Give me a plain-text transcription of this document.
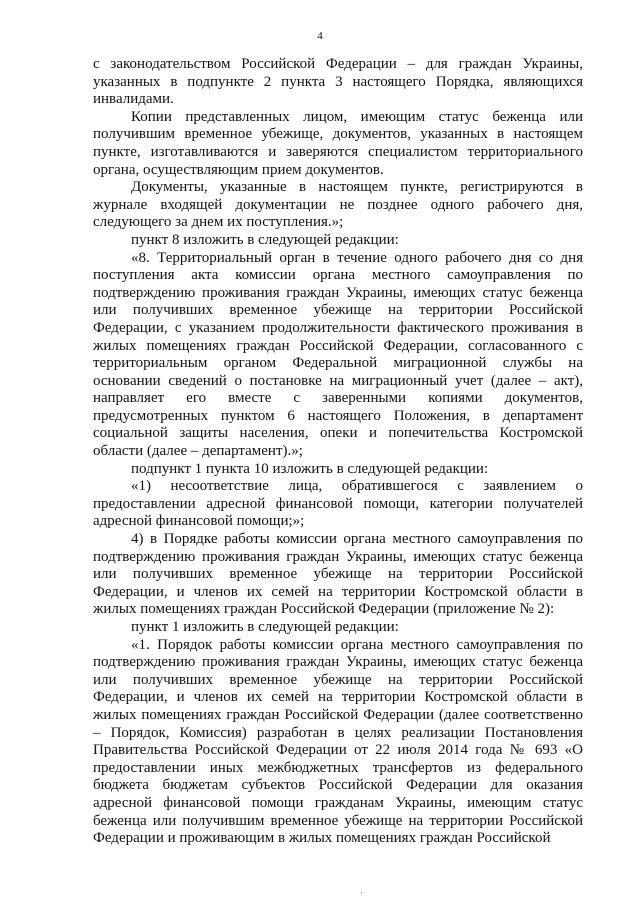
4

с законодательством Российской Федерации – для граждан Украины, указанных в подпункте 2 пункта 3 настоящего Порядка, являющихся инвалидами.

Копии представленных лицом, имеющим статус беженца или получившим временное убежище, документов, указанных в настоящем пункте, изготавливаются и заверяются специалистом территориального органа, осуществляющим прием документов.

Документы, указанные в настоящем пункте, регистрируются в журнале входящей документации не позднее одного рабочего дня, следующего за днем их поступления.»;

пункт 8 изложить в следующей редакции:

«8. Территориальный орган в течение одного рабочего дня со дня поступления акта комиссии органа местного самоуправления по подтверждению проживания граждан Украины, имеющих статус беженца или получивших временное убежище на территории Российской Федерации, с указанием продолжительности фактического проживания в жилых помещениях граждан Российской Федерации, согласованного с территориальным органом Федеральной миграционной службы на основании сведений о постановке на миграционный учет (далее – акт), направляет его вместе с заверенными копиями документов, предусмотренных пунктом 6 настоящего Положения, в департамент социальной защиты населения, опеки и попечительства Костромской области (далее – департамент).»;

подпункт 1 пункта 10 изложить в следующей редакции:

«1) несоответствие лица, обратившегося с заявлением о предоставлении адресной финансовой помощи, категории получателей адресной финансовой помощи;»;

4) в Порядке работы комиссии органа местного самоуправления по подтверждению проживания граждан Украины, имеющих статус беженца или получивших временное убежище на территории Российской Федерации, и членов их семей на территории Костромской области в жилых помещениях граждан Российской Федерации (приложение № 2):

пункт 1 изложить в следующей редакции:

«1. Порядок работы комиссии органа местного самоуправления по подтверждению проживания граждан Украины, имеющих статус беженца или получивших временное убежище на территории Российской Федерации, и членов их семей на территории Костромской области в жилых помещениях граждан Российской Федерации (далее соответственно – Порядок, Комиссия) разработан в целях реализации Постановления Правительства Российской Федерации от 22 июля 2014 года № 693 «О предоставлении иных межбюджетных трансфертов из федерального бюджета бюджетам субъектов Российской Федерации для оказания адресной финансовой помощи гражданам Украины, имеющим статус беженца или получившим временное убежище на территории Российской Федерации и проживающим в жилых помещениях граждан Российской

·
